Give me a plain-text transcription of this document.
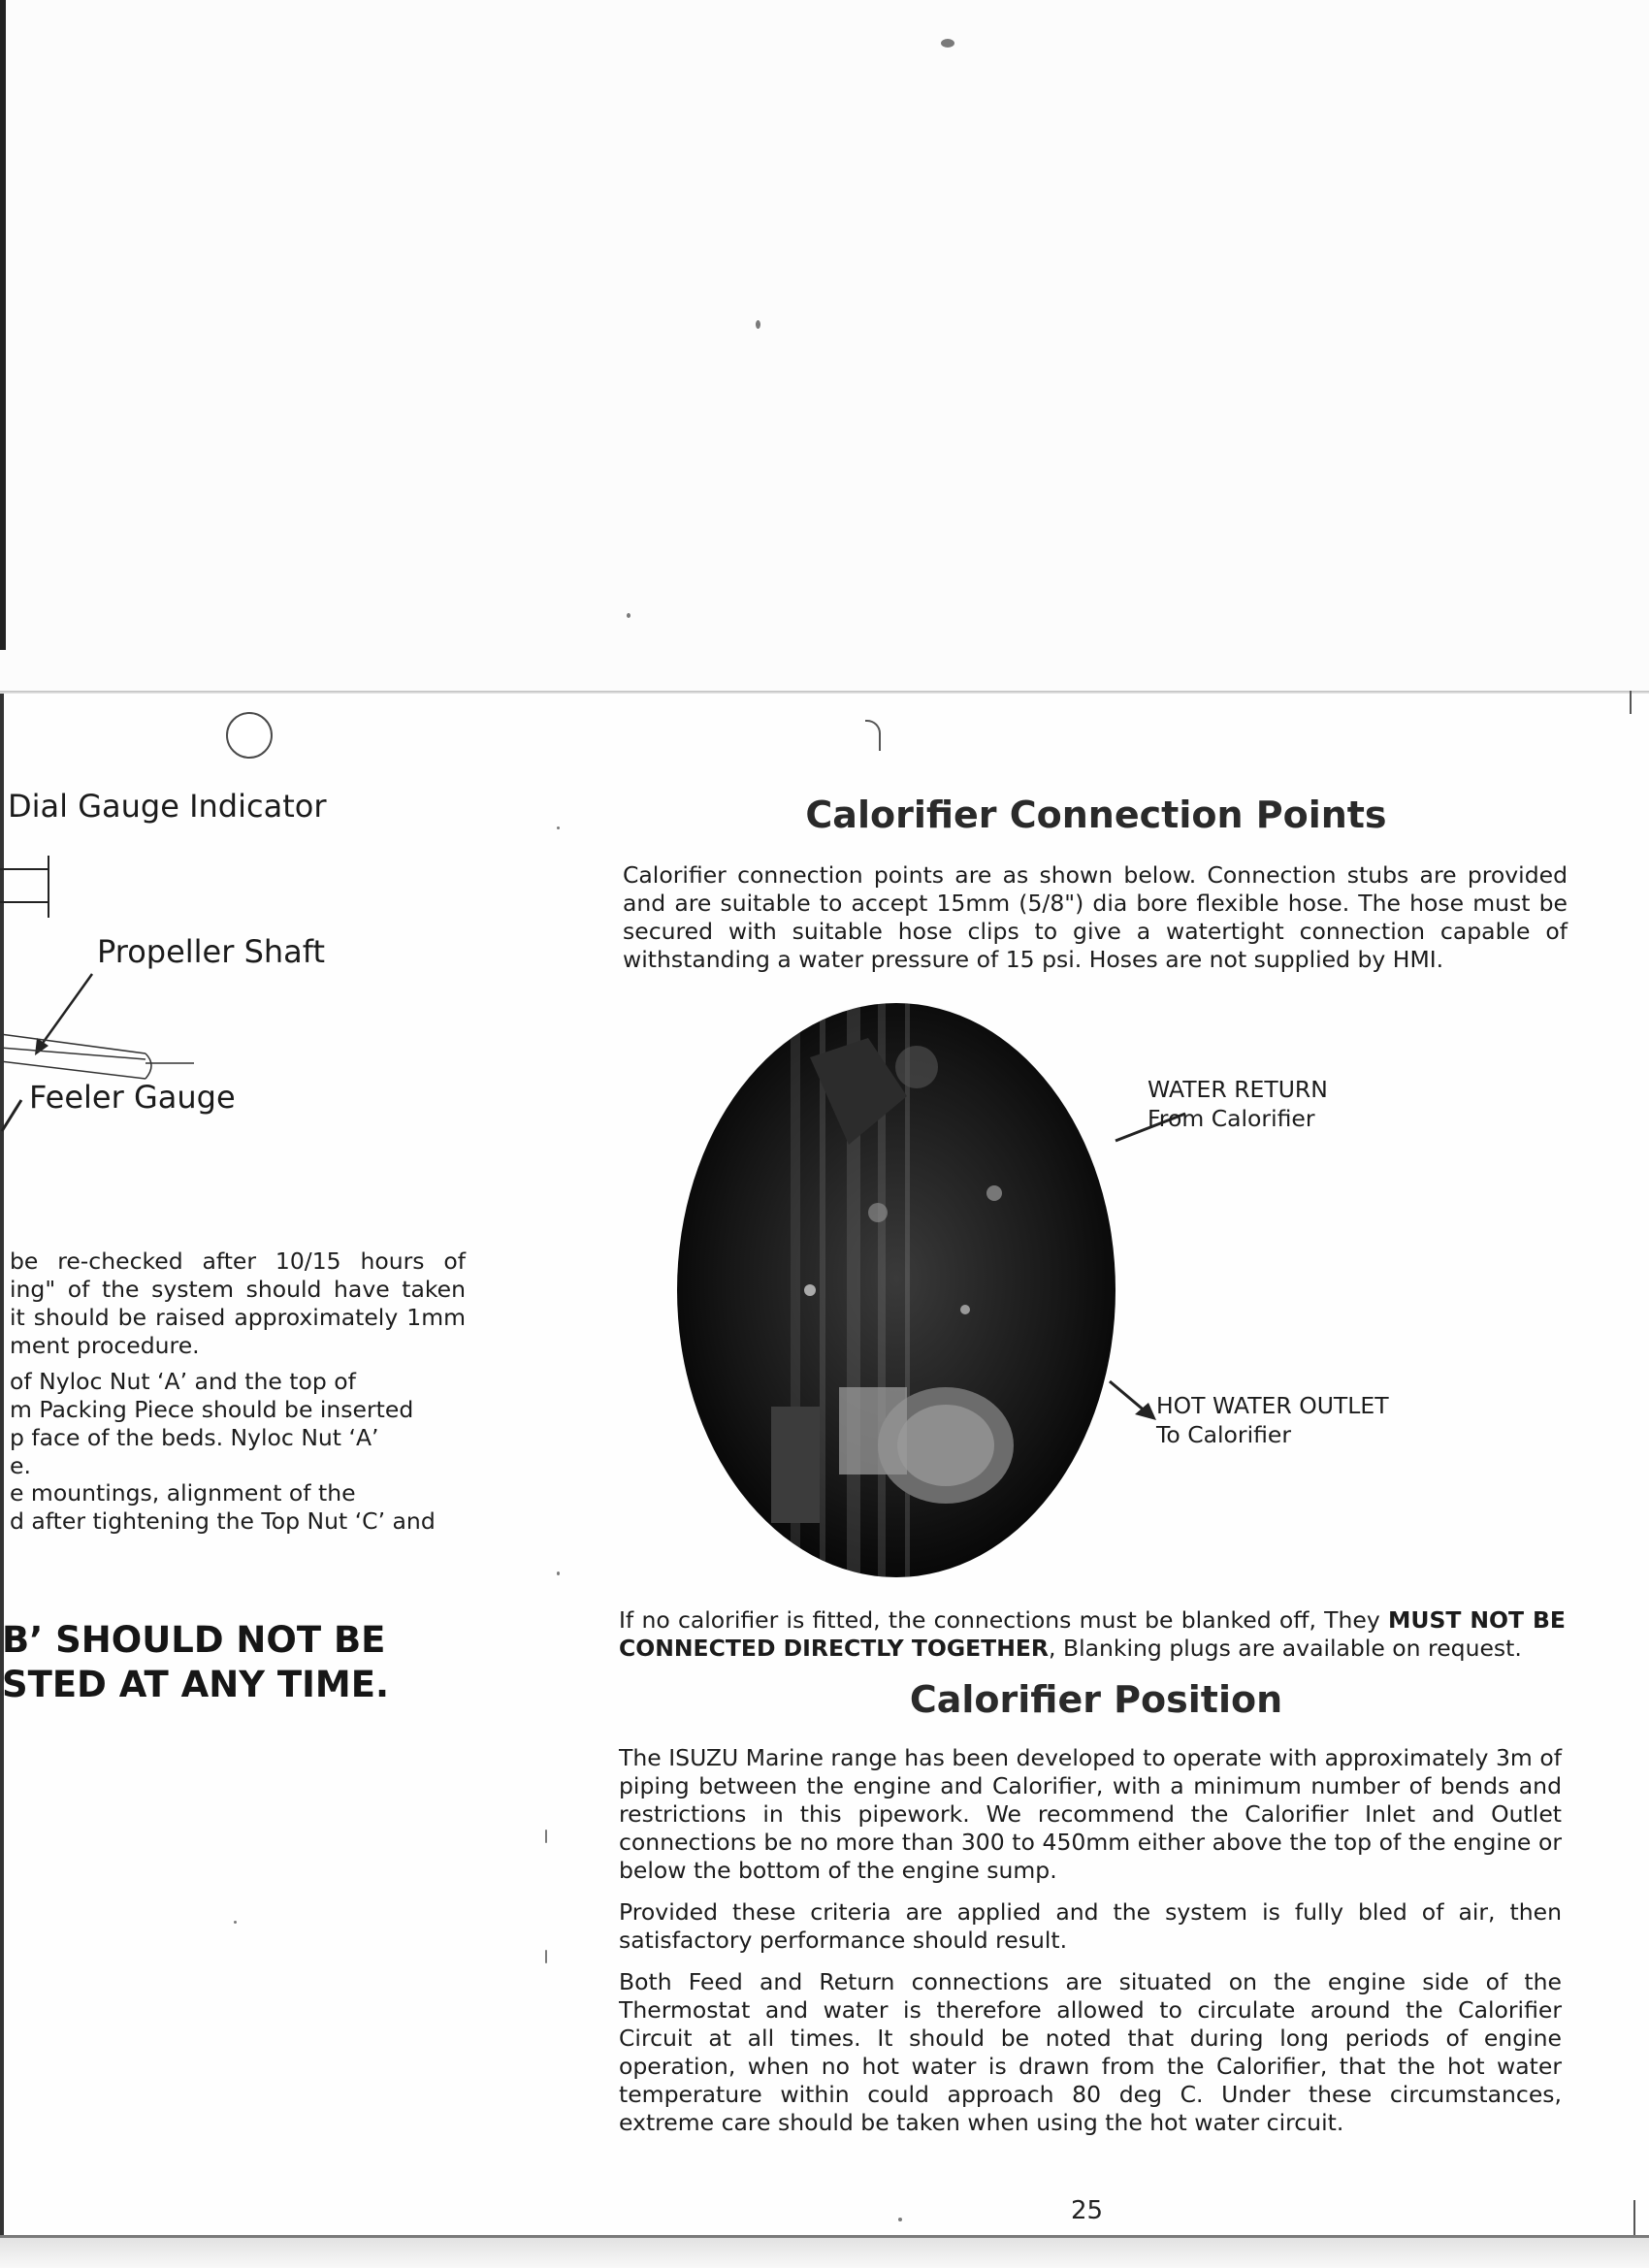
Dial Gauge Indicator
Propeller Shaft
Feeler Gauge
be re-checked after 10/15 hours of
ing" of the system should have taken
it should be raised approximately 1mm
ment procedure.
of Nyloc Nut ‘A’ and the top of
m Packing Piece should be inserted
p face of the beds. Nyloc Nut ‘A’
e.
e mountings, alignment of the
d after tightening the Top Nut ‘C’ and
B’ SHOULD NOT BE
STED AT ANY TIME.
Calorifier Connection Points
Calorifier connection points are as shown below. Connection stubs are provided and are suitable to accept 15mm (5/8") dia bore flexible hose. The hose must be secured with suitable hose clips to give a watertight connection capable of withstanding a water pressure of 15 psi. Hoses are not supplied by HMI.
WATER RETURN
From Calorifier
HOT WATER OUTLET
To Calorifier
If no calorifier is fitted, the connections must be blanked off, They MUST NOT BE CONNECTED DIRECTLY TOGETHER, Blanking plugs are available on request.
Calorifier Position

The ISUZU Marine range has been developed to operate with approximately 3m of piping between the engine and Calorifier, with a minimum number of bends and restrictions in this pipework. We recommend the Calorifier Inlet and Outlet connections be no more than 300 to 450mm either above the top of the engine or below the bottom of the engine sump.

Provided these criteria are applied and the system is fully bled of air, then satisfactory performance should result.

Both Feed and Return connections are situated on the engine side of the Thermostat and water is therefore allowed to circulate around the Calorifier Circuit at all times. It should be noted that during long periods of engine operation, when no hot water is drawn from the Calorifier, that the hot water temperature within could approach 80 deg C. Under these circumstances, extreme care should be taken when using the hot water circuit.

25
